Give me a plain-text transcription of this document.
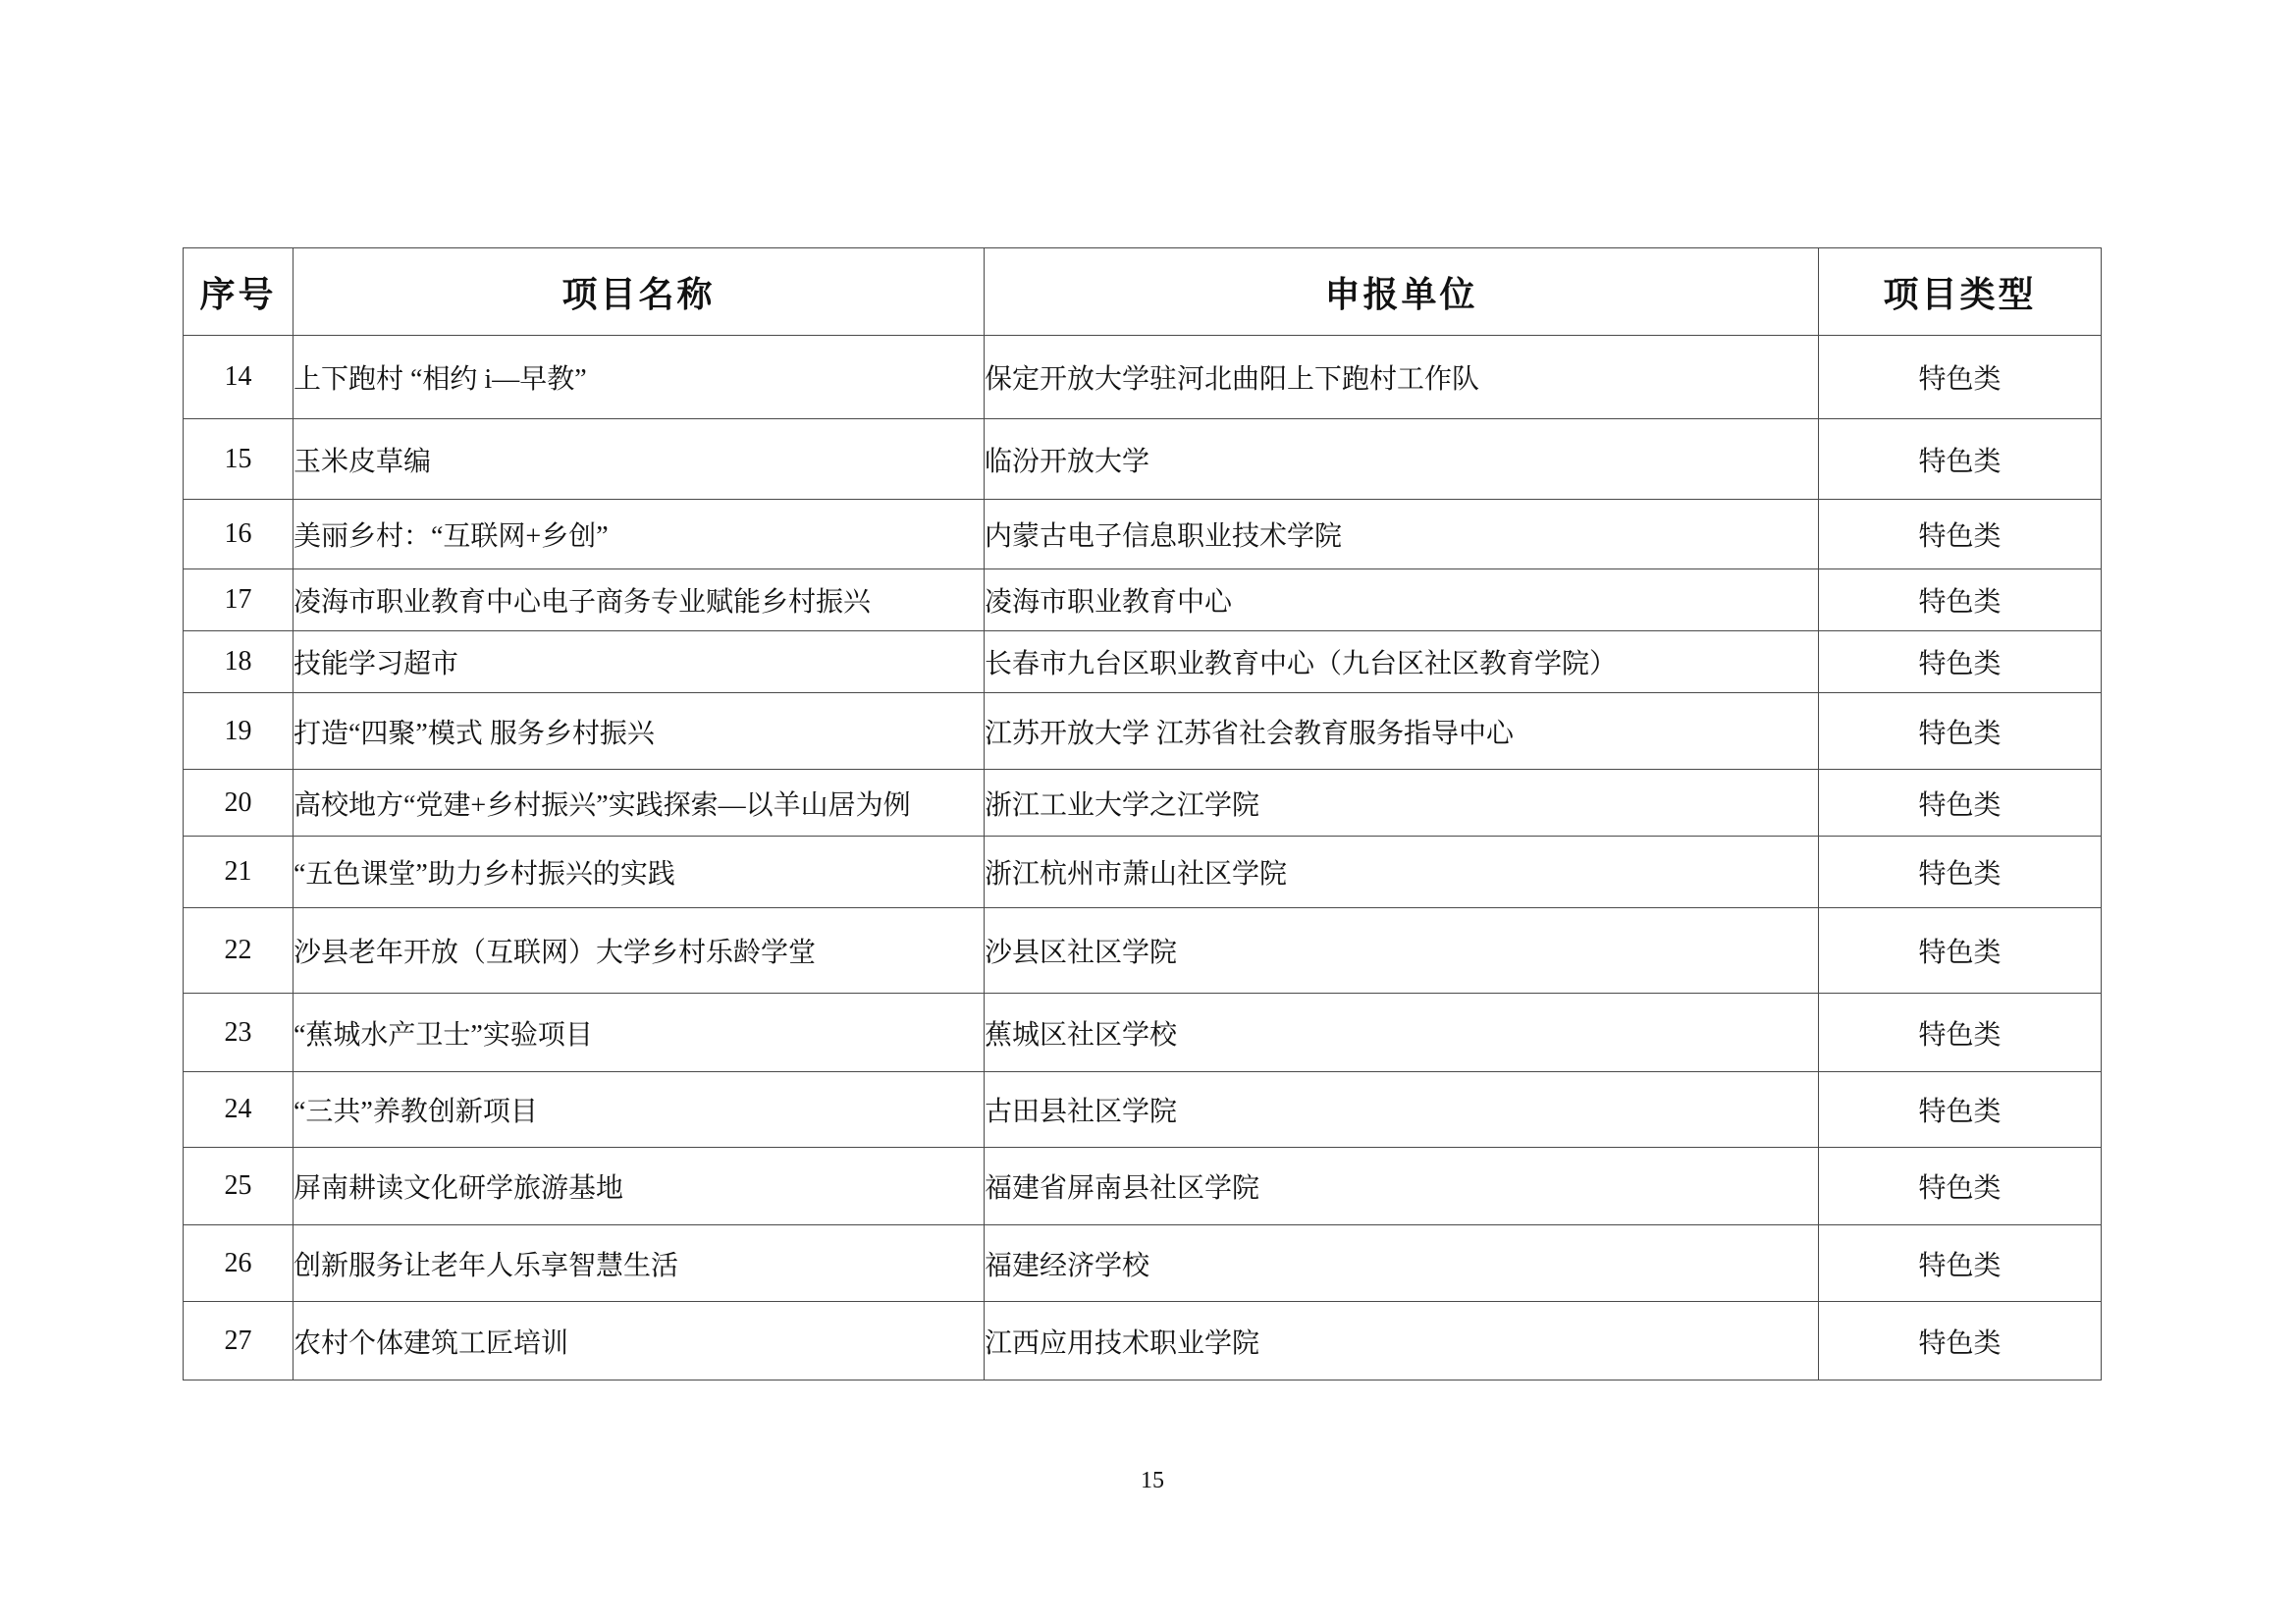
序号	项目名称	申报单位	项目类型
14	上下跑村 “相约 i—早教”	保定开放大学驻河北曲阳上下跑村工作队	特色类
15	玉米皮草编	临汾开放大学	特色类
16	美丽乡村：“互联网+乡创”	内蒙古电子信息职业技术学院	特色类
17	凌海市职业教育中心电子商务专业赋能乡村振兴	凌海市职业教育中心	特色类
18	技能学习超市	长春市九台区职业教育中心（九台区社区教育学院）	特色类
19	打造“四聚”模式 服务乡村振兴	江苏开放大学 江苏省社会教育服务指导中心	特色类
20	高校地方“党建+乡村振兴”实践探索—以羊山居为例	浙江工业大学之江学院	特色类
21	“五色课堂”助力乡村振兴的实践	浙江杭州市萧山社区学院	特色类
22	沙县老年开放（互联网）大学乡村乐龄学堂	沙县区社区学院	特色类
23	“蕉城水产卫士”实验项目	蕉城区社区学校	特色类
24	“三共”养教创新项目	古田县社区学院	特色类
25	屏南耕读文化研学旅游基地	福建省屏南县社区学院	特色类
26	创新服务让老年人乐享智慧生活	福建经济学校	特色类
27	农村个体建筑工匠培训	江西应用技术职业学院	特色类
15
